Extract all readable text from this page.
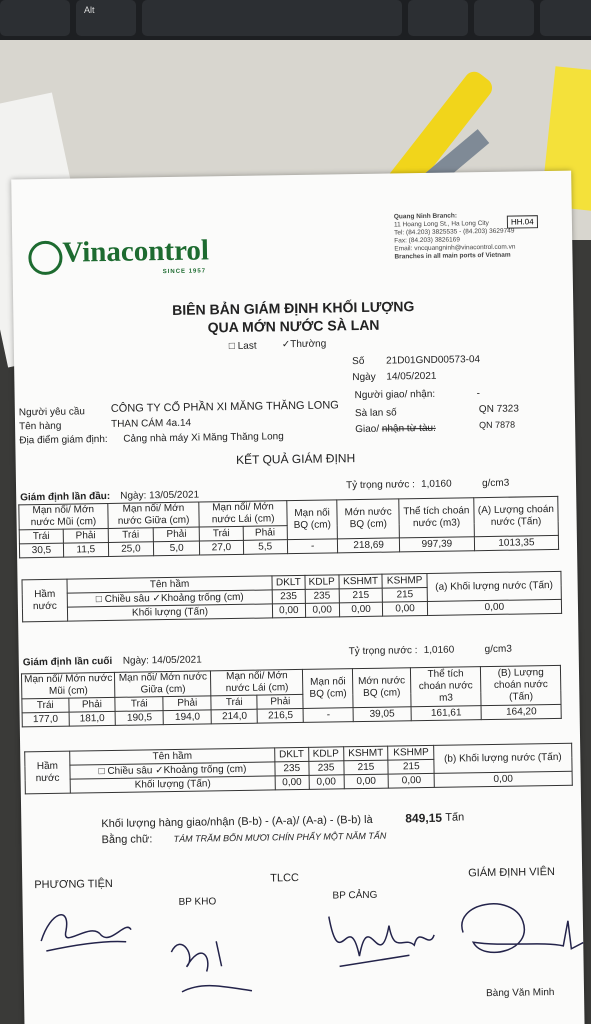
Alt
Vinacontrol
SINCE 1957
Quang Ninh Branch:
11 Hoang Long St., Ha Long City
Tel: (84.203) 3825535 - (84.203) 3629749
Fax: (84.203) 3826169
Email: vncquangninh@vinacontrol.com.vn
Branches in all main ports of Vietnam
HH.04
BIÊN BẢN GIÁM ĐỊNH KHỐI LƯỢNG
QUA MỚN NƯỚC SÀ LAN
□ Last	✓Thường
Số 21D01GND00573-04
Ngày 14/05/2021
Người yêu cầu CÔNG TY CỔ PHẦN XI MĂNG THĂNG LONG
Tên hàng	THAN CÁM 4a.14
Địa điểm giám định: Cảng nhà máy Xi Măng Thăng Long
Người giao/ nhận:	-
Sà lan số	QN 7323
Giao/ nhận từ tàu:	QN 7878
KẾT QUẢ GIÁM ĐỊNH
Giám định lần đầu: Ngày: 13/05/2021
Tỷ trọng nước : 1,0160	g/cm3
Mạn nối/ Mớn nước Mũi (cm)		Mạn nối/ Mớn nước Giữa (cm)		Mạn nối/ Mớn nước Lái (cm)		Mạn nối BQ (cm)	Mớn nước BQ (cm)	Thể tích choán nước (m3)	(A) Lượng choán nước (Tấn)
Trái	Phải	Trái	Phải	Trái	Phải				
30,5	11,5	25,0	5,0	27,0	5,5	-	218,69	997,39	1013,35
Hầm nước	Tên hầm	DKLT	KDLP	KSHMT	KSHMP	(a) Khối lượng nước (Tấn)
	□ Chiều sâu ✓Khoảng trống (cm)	235	235	215	215	
	Khối lượng (Tấn)	0,00	0,00	0,00	0,00	0,00
Giám định lần cuối Ngày: 14/05/2021
Tỷ trọng nước : 1,0160	g/cm3
Mạn nối/ Mớn nước Mũi (cm)		Mạn nối/ Mớn nước Giữa (cm)		Mạn nối/ Mớn nước Lái (cm)		Mạn nối BQ (cm)	Mớn nước BQ (cm)	Thể tích choán nước m3	(B) Lượng choán nước (Tấn)
Trái	Phải	Trái	Phải	Trái	Phải				
177,0	181,0	190,5	194,0	214,0	216,5	-	39,05	161,61	164,20
Hầm nước	Tên hầm	DKLT	KDLP	KSHMT	KSHMP	(b) Khối lượng nước (Tấn)
	□ Chiều sâu ✓Khoảng trống (cm)	235	235	215	215	
	Khối lượng (Tấn)	0,00	0,00	0,00	0,00	0,00
Khối lượng hàng giao/nhận (B-b) - (A-a)/ (A-a) - (B-b) là	849,15 Tấn
Bằng chữ: TÁM TRĂM BỐN MƯƠI CHÍN PHẨY MỘT NĂM TẤN
PHƯƠNG TIỆN	TLCC	GIÁM ĐỊNH VIÊN
BP KHO
BP CẢNG
Bàng Văn Minh
